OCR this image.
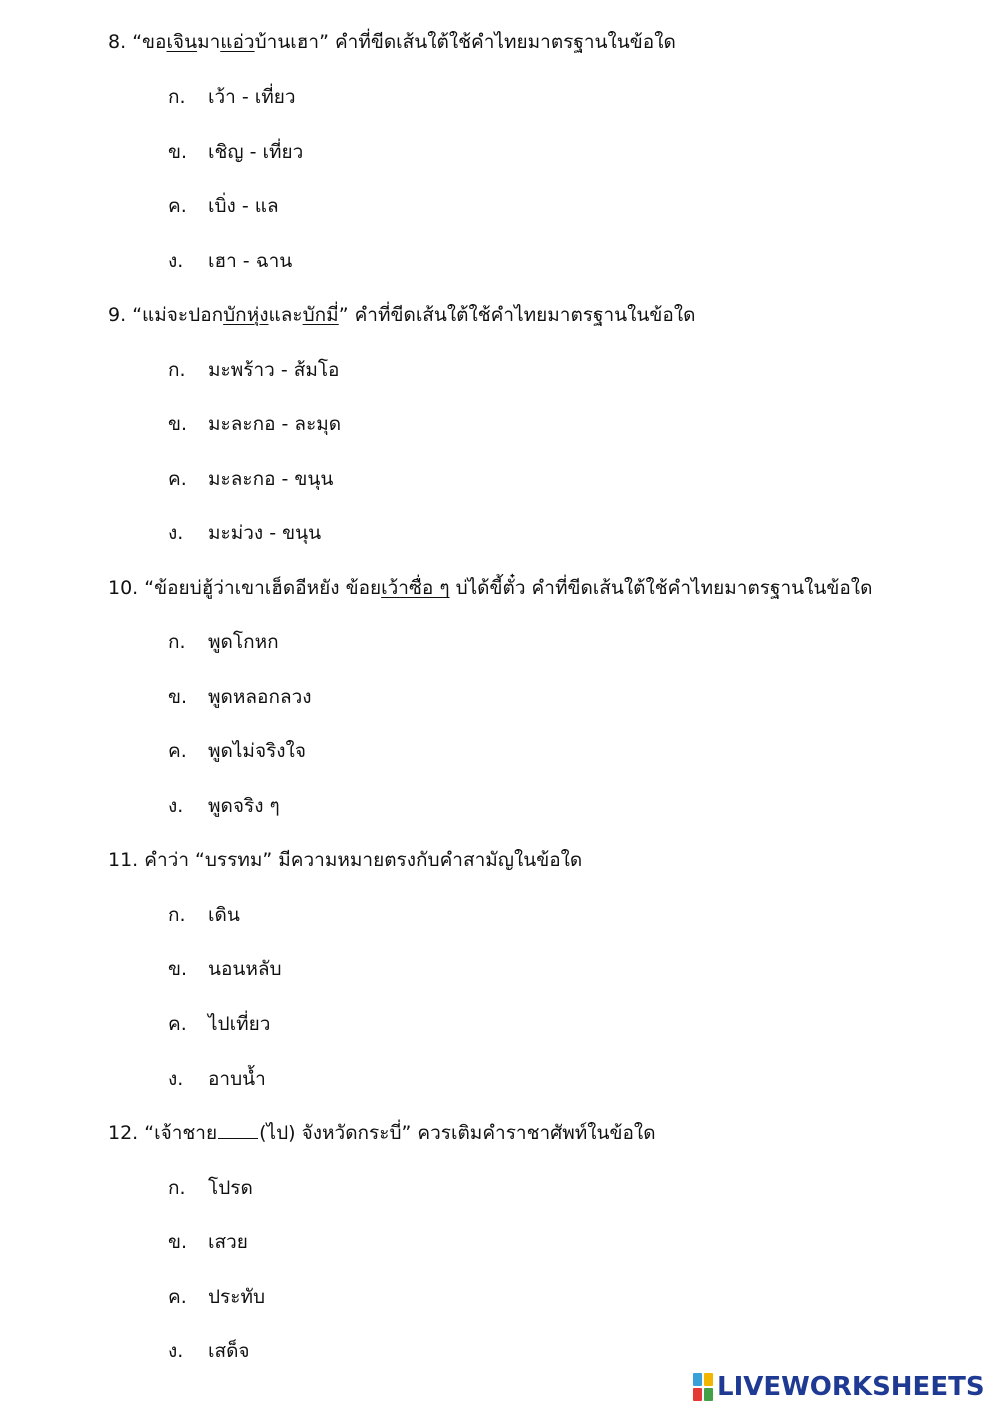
8. “ขอเจินมาแอ่วบ้านเฮา” คำที่ขีดเส้นใต้ใช้คำไทยมาตรฐานในข้อใด
ก. เว้า - เที่ยว
ข. เชิญ - เที่ยว
ค. เบิ่ง - แล
ง. เฮา - ฉาน
9. “แม่จะปอกบักหุ่งและบักมี่” คำที่ขีดเส้นใต้ใช้คำไทยมาตรฐานในข้อใด
ก. มะพร้าว - ส้มโอ
ข. มะละกอ - ละมุด
ค. มะละกอ - ขนุน
ง. มะม่วง - ขนุน
10. “ข้อยบ่ฮู้ว่าเขาเฮ็ดอีหยัง ข้อยเว้าซื่อ ๆ บ่ได้ขี้ตั๋ว คำที่ขีดเส้นใต้ใช้คำไทยมาตรฐานในข้อใด
ก. พูดโกหก
ข. พูดหลอกลวง
ค. พูดไม่จริงใจ
ง. พูดจริง ๆ
11. คำว่า “บรรทม” มีความหมายตรงกับคำสามัญในข้อใด
ก. เดิน
ข. นอนหลับ
ค. ไปเที่ยว
ง. อาบน้ำ
12. “เจ้าชาย (ไป) จังหวัดกระบี่” ควรเติมคำราชาศัพท์ในข้อใด
ก. โปรด
ข. เสวย
ค. ประทับ
ง. เสด็จ
LIVEWORKSHEETS
